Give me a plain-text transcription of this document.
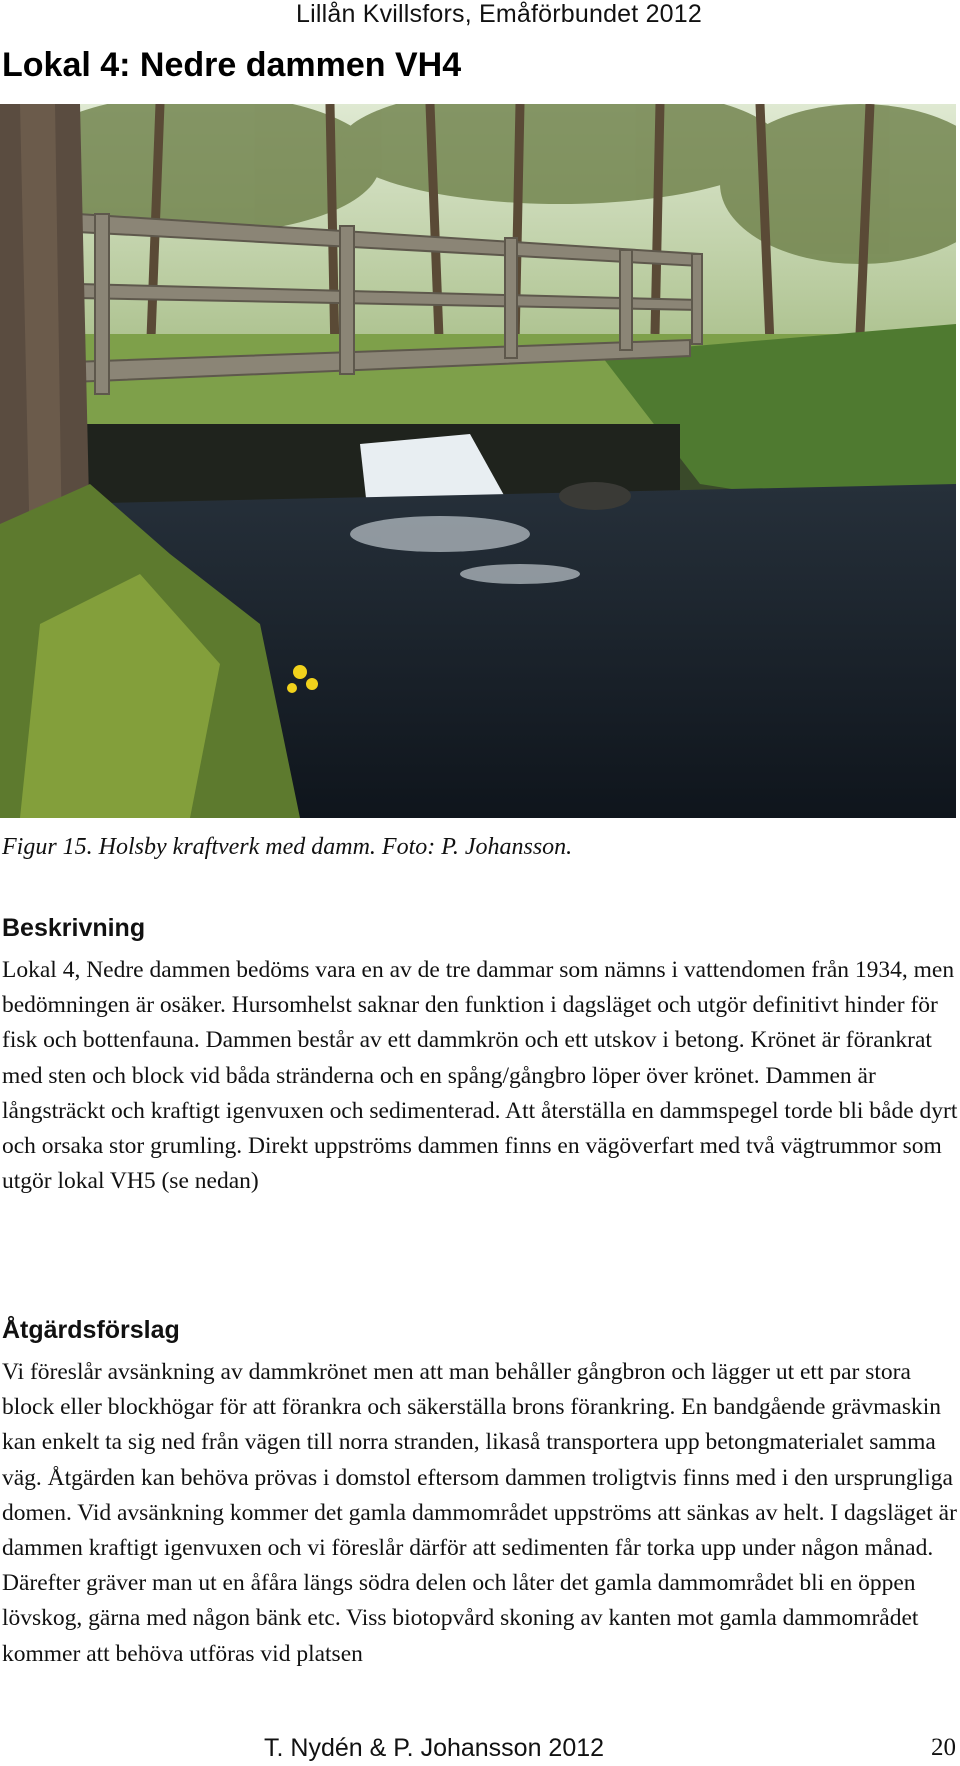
Lillån Kvillsfors, Emåförbundet 2012
Lokal 4: Nedre dammen VH4
Figur 15. Holsby kraftverk med damm. Foto: P. Johansson.
Beskrivning

Lokal 4, Nedre dammen bedöms vara en av de tre dammar som nämns i vattendomen från 1934, men bedömningen är osäker. Hursomhelst saknar den funktion i dagsläget och utgör definitivt hinder för fisk och bottenfauna. Dammen består av ett dammkrön och ett utskov i betong. Krönet är förankrat med sten och block vid båda stränderna och en spång/gångbro löper över krönet. Dammen är långsträckt och kraftigt igenvuxen och sedimenterad. Att återställa en dammspegel torde bli både dyrt och orsaka stor grumling. Direkt uppströms dammen finns en vägöverfart med två vägtrummor som utgör lokal VH5 (se nedan)

Åtgärdsförslag

Vi föreslår avsänkning av dammkrönet men att man behåller gångbron och lägger ut ett par stora block eller blockhögar för att förankra och säkerställa brons förankring. En bandgående grävmaskin kan enkelt ta sig ned från vägen till norra stranden, likaså transportera upp betongmaterialet samma väg. Åtgärden kan behöva prövas i domstol eftersom dammen troligtvis finns med i den ursprungliga domen. Vid avsänkning kommer det gamla dammområdet uppströms att sänkas av helt. I dagsläget är dammen kraftigt igenvuxen och vi föreslår därför att sedimenten får torka upp under någon månad. Därefter gräver man ut en åfåra längs södra delen och låter det gamla dammområdet bli en öppen lövskog, gärna med någon bänk etc. Viss biotopvård skoning av kanten mot gamla dammområdet kommer att behöva utföras vid platsen

T. Nydén & P. Johansson 2012	20
